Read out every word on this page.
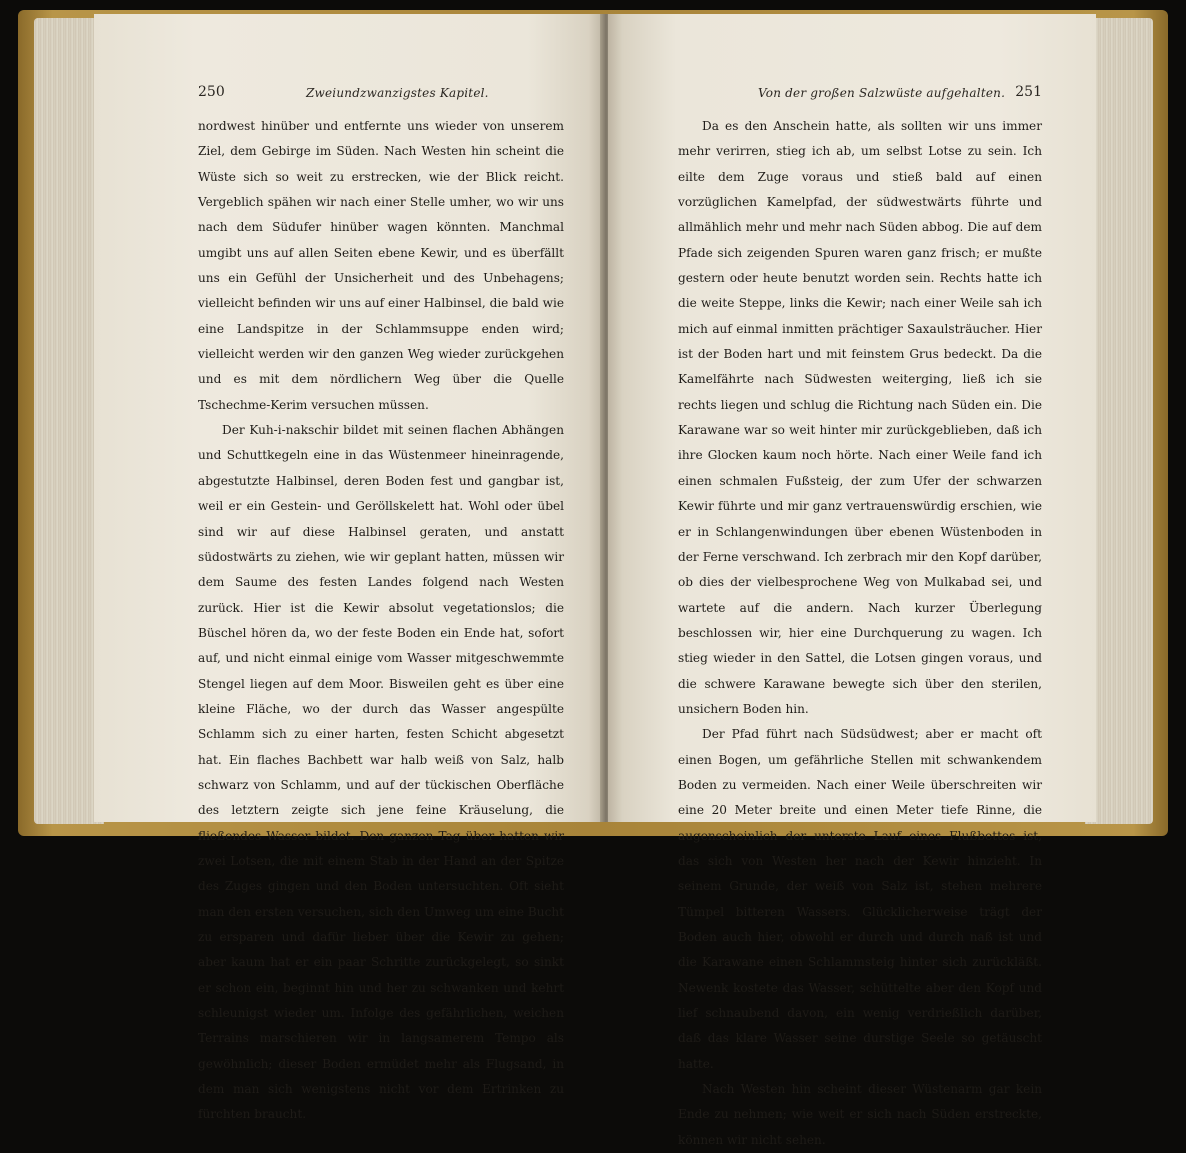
250	Zweiundzwanzigstes Kapitel.

nordwest hinüber und entfernte uns wieder von unserem Ziel, dem Gebirge im Süden. Nach Westen hin scheint die Wüste sich so weit zu erstrecken, wie der Blick reicht. Vergeblich spähen wir nach einer Stelle umher, wo wir uns nach dem Südufer hinüber wagen könnten. Manchmal umgibt uns auf allen Seiten ebene Kewir, und es überfällt uns ein Gefühl der Unsicherheit und des Unbehagens; vielleicht befinden wir uns auf einer Halbinsel, die bald wie eine Landspitze in der Schlammsuppe enden wird; vielleicht werden wir den ganzen Weg wieder zurückgehen und es mit dem nördlichern Weg über die Quelle Tschechme-Kerim versuchen müssen.

Der Kuh-i-nakschir bildet mit seinen flachen Abhängen und Schuttkegeln eine in das Wüstenmeer hineinragende, abgestutzte Halbinsel, deren Boden fest und gangbar ist, weil er ein Gestein- und Geröllskelett hat. Wohl oder übel sind wir auf diese Halbinsel geraten, und anstatt südostwärts zu ziehen, wie wir geplant hatten, müssen wir dem Saume des festen Landes folgend nach Westen zurück. Hier ist die Kewir absolut vegetationslos; die Büschel hören da, wo der feste Boden ein Ende hat, sofort auf, und nicht einmal einige vom Wasser mitgeschwemmte Stengel liegen auf dem Moor. Bisweilen geht es über eine kleine Fläche, wo der durch das Wasser angespülte Schlamm sich zu einer harten, festen Schicht abgesetzt hat. Ein flaches Bachbett war halb weiß von Salz, halb schwarz von Schlamm, und auf der tückischen Oberfläche des letztern zeigte sich jene feine Kräuselung, die fließendes Wasser bildet. Den ganzen Tag über hatten wir zwei Lotsen, die mit einem Stab in der Hand an der Spitze des Zuges gingen und den Boden untersuchten. Oft sieht man den ersten versuchen, sich den Umweg um eine Bucht zu ersparen und dafür lieber über die Kewir zu gehen; aber kaum hat er ein paar Schritte zurückgelegt, so sinkt er schon ein, beginnt hin und her zu schwanken und kehrt schleunigst wieder um. Infolge des gefährlichen, weichen Terrains marschieren wir in langsamerem Tempo als gewöhnlich; dieser Boden ermüdet mehr als Flugsand, in dem man sich wenigstens nicht vor dem Ertrinken zu fürchten braucht.

Von der großen Salzwüste aufgehalten. 251

Da es den Anschein hatte, als sollten wir uns immer mehr verirren, stieg ich ab, um selbst Lotse zu sein. Ich eilte dem Zuge voraus und stieß bald auf einen vorzüglichen Kamelpfad, der südwestwärts führte und allmählich mehr und mehr nach Süden abbog. Die auf dem Pfade sich zeigenden Spuren waren ganz frisch; er mußte gestern oder heute benutzt worden sein. Rechts hatte ich die weite Steppe, links die Kewir; nach einer Weile sah ich mich auf einmal inmitten prächtiger Saxaulsträucher. Hier ist der Boden hart und mit feinstem Grus bedeckt. Da die Kamelfährte nach Südwesten weiterging, ließ ich sie rechts liegen und schlug die Richtung nach Süden ein. Die Karawane war so weit hinter mir zurückgeblieben, daß ich ihre Glocken kaum noch hörte. Nach einer Weile fand ich einen schmalen Fußsteig, der zum Ufer der schwarzen Kewir führte und mir ganz vertrauenswürdig erschien, wie er in Schlangenwindungen über ebenen Wüstenboden in der Ferne verschwand. Ich zerbrach mir den Kopf darüber, ob dies der vielbesprochene Weg von Mulkabad sei, und wartete auf die andern. Nach kurzer Überlegung beschlossen wir, hier eine Durchquerung zu wagen. Ich stieg wieder in den Sattel, die Lotsen gingen voraus, und die schwere Karawane bewegte sich über den sterilen, unsichern Boden hin.

Der Pfad führt nach Südsüdwest; aber er macht oft einen Bogen, um gefährliche Stellen mit schwankendem Boden zu vermeiden. Nach einer Weile überschreiten wir eine 20 Meter breite und einen Meter tiefe Rinne, die augenscheinlich der unterste Lauf eines Flußbettes ist, das sich von Westen her nach der Kewir hinzieht. In seinem Grunde, der weiß von Salz ist, stehen mehrere Tümpel bitteren Wassers. Glücklicherweise trägt der Boden auch hier, obwohl er durch und durch naß ist und die Karawane einen Schlammsteig hinter sich zurückläßt. Newenk kostete das Wasser, schüttelte aber den Kopf und lief schnaubend davon, ein wenig verdrießlich darüber, daß das klare Wasser seine durstige Seele so getäuscht hatte.

Nach Westen hin scheint dieser Wüstenarm gar kein Ende zu nehmen; wie weit er sich nach Süden erstreckte, können wir nicht sehen.
